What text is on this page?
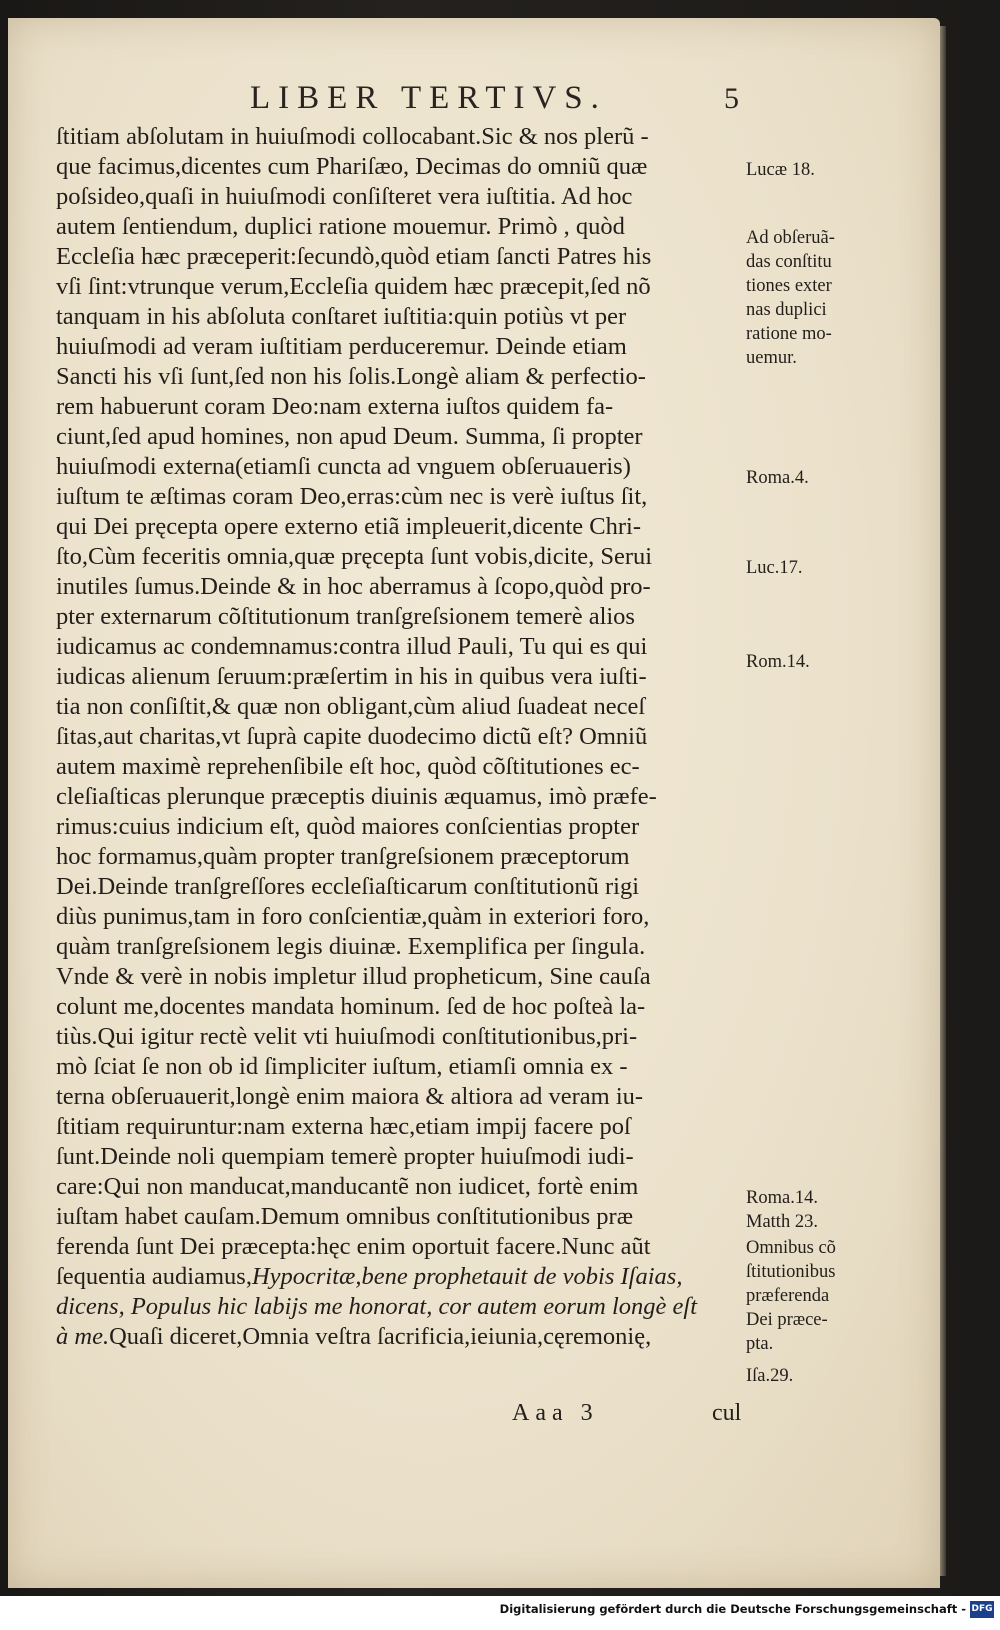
LIBER TERTIVS.	5
ſtitiam abſolutam in huiuſmodi collocabant.Sic & nos plerũ -
que facimus,dicentes cum Phariſæo, Decimas do omniũ quæ
poſsideo,quaſi in huiuſmodi conſiſteret vera iuſtitia. Ad hoc
autem ſentiendum, duplici ratione mouemur. Primò , quòd
Eccleſia hæc præceperit:ſecundò,quòd etiam ſancti Patres his
vſi ſint:vtrunque verum,Eccleſia quidem hæc præcepit,ſed nõ
tanquam in his abſoluta conſtaret iuſtitia:quin potiùs vt per
huiuſmodi ad veram iuſtitiam perduceremur. Deinde etiam
Sancti his vſi ſunt,ſed non his ſolis.Longè aliam & perfectio-
rem habuerunt coram Deo:nam externa iuſtos quidem fa-
ciunt,ſed apud homines, non apud Deum. Summa, ſi propter
huiuſmodi externa(etiamſi cuncta ad vnguem obſeruaueris)
iuſtum te æſtimas coram Deo,erras:cùm nec is verè iuſtus ſit,
qui Dei pręcepta opere externo etiã impleuerit,dicente Chri-
ſto,Cùm feceritis omnia,quæ pręcepta ſunt vobis,dicite, Serui
inutiles ſumus.Deinde & in hoc aberramus à ſcopo,quòd pro-
pter externarum cõſtitutionum tranſgreſsionem temerè alios
iudicamus ac condemnamus:contra illud Pauli, Tu qui es qui
iudicas alienum ſeruum:præſertim in his in quibus vera iuſti-
tia non conſiſtit,& quæ non obligant,cùm aliud ſuadeat neceſ
ſitas,aut charitas,vt ſuprà capite duodecimo dictũ eſt? Omniũ
autem maximè reprehenſibile eſt hoc, quòd cõſtitutiones ec-
cleſiaſticas plerunque præceptis diuinis æquamus, imò præfe-
rimus:cuius indicium eſt, quòd maiores conſcientias propter
hoc formamus,quàm propter tranſgreſsionem præceptorum
Dei.Deinde tranſgreſſores eccleſiaſticarum conſtitutionũ rigi
diùs punimus,tam in foro conſcientiæ,quàm in exteriori foro,
quàm tranſgreſsionem legis diuinæ. Exemplifica per ſingula.
Vnde & verè in nobis impletur illud propheticum, Sine cauſa
colunt me,docentes mandata hominum. ſed de hoc poſteà la-
tiùs.Qui igitur rectè velit vti huiuſmodi conſtitutionibus,pri-
mò ſciat ſe non ob id ſimpliciter iuſtum, etiamſi omnia ex -
terna obſeruauerit,longè enim maiora & altiora ad veram iu-
ſtitiam requiruntur:nam externa hæc,etiam impij facere poſ
ſunt.Deinde noli quempiam temerè propter huiuſmodi iudi-
care:Qui non manducat,manducantẽ non iudicet, fortè enim
iuſtam habet cauſam.Demum omnibus conſtitutionibus præ
ferenda ſunt Dei præcepta:hęc enim oportuit facere.Nunc aũt
ſequentia audiamus,Hypocritæ,bene prophetauit de vobis Iſaias,
dicens, Populus hic labijs me honorat, cor autem eorum longè eſt
à me.Quaſi diceret,Omnia veſtra ſacrificia,ieiunia,cęremonię,
Lucæ 18.
Ad obſeruã-
das conſtitu
tiones exter
nas duplici
ratione mo-
uemur.
Roma.4.
Luc.17.
Rom.14.
Roma.14.
Matth 23.
Omnibus cõ
ſtitutionibus
præferenda
Dei præce-
pta.
Iſa.29.
Aaa 3	cul
Digitalisierung gefördert durch die Deutsche Forschungsgemeinschaft - DFG
